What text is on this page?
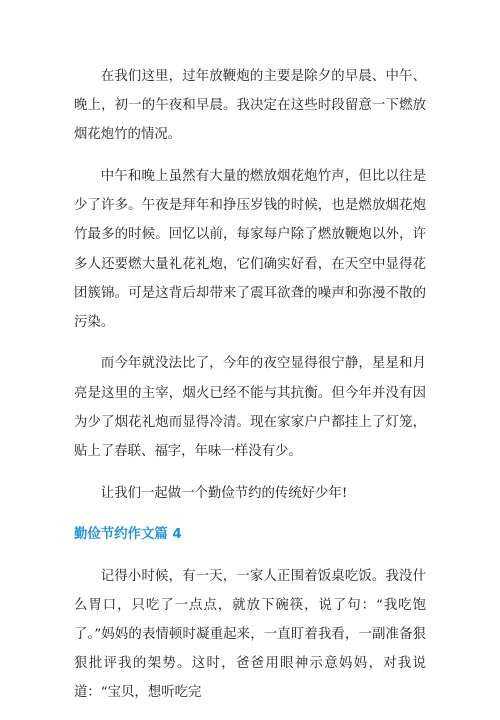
在我们这里，过年放鞭炮的主要是除夕的早晨、中午、晚上，初一的午夜和早晨。我决定在这些时段留意一下燃放烟花炮竹的情况。

中午和晚上虽然有大量的燃放烟花炮竹声，但比以往是少了许多。午夜是拜年和挣压岁钱的时候，也是燃放烟花炮竹最多的时候。回忆以前，每家每户除了燃放鞭炮以外，许多人还要燃大量礼花礼炮，它们确实好看，在天空中显得花团簇锦。可是这背后却带来了震耳欲聋的噪声和弥漫不散的污染。

而今年就没法比了，今年的夜空显得很宁静，星星和月亮是这里的主宰，烟火已经不能与其抗衡。但今年并没有因为少了烟花礼炮而显得冷清。现在家家户户都挂上了灯笼，贴上了春联、福字，年味一样没有少。

让我们一起做一个勤俭节约的传统好少年!

勤俭节约作文篇 4

记得小时候，有一天，一家人正围着饭桌吃饭。我没什么胃口，只吃了一点点，就放下碗筷，说了句：“我吃饱了。”妈妈的表情顿时凝重起来，一直盯着我看，一副准备狠狠批评我的架势。这时，爸爸用眼神示意妈妈，对我说道：“宝贝，想听吃完
